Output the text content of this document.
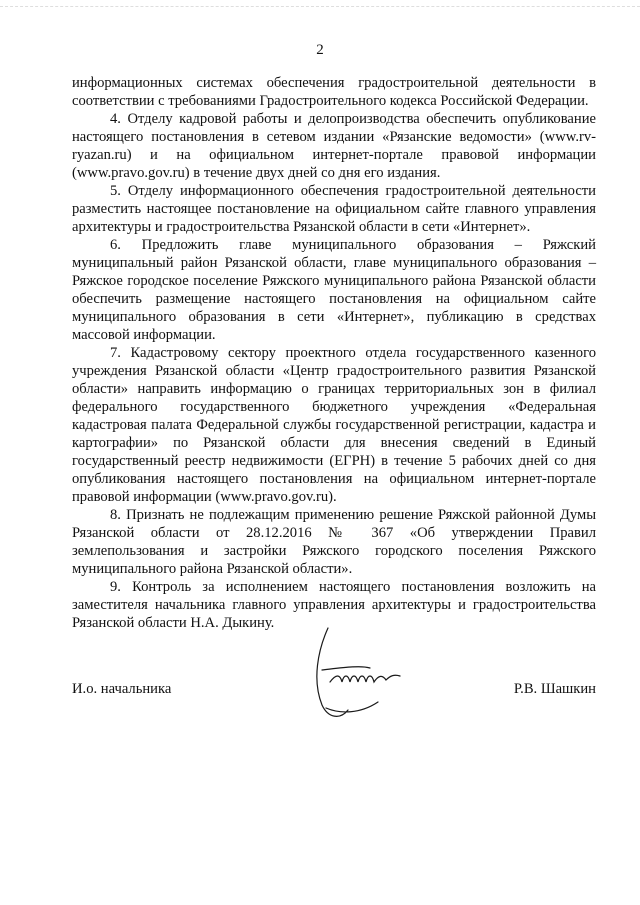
2

информационных системах обеспечения градостроительной деятельности в соответствии с требованиями Градостроительного кодекса Российской Федерации.

4. Отделу кадровой работы и делопроизводства обеспечить опубликование настоящего постановления в сетевом издании «Рязанские ведомости» (www.rv-ryazan.ru) и на официальном интернет-портале правовой информации (www.pravo.gov.ru) в течение двух дней со дня его издания.

5. Отделу информационного обеспечения градостроительной деятельности разместить настоящее постановление на официальном сайте главного управления архитектуры и градостроительства Рязанской области в сети «Интернет».

6. Предложить главе муниципального образования – Ряжский муниципальный район Рязанской области, главе муниципального образования – Ряжское городское поселение Ряжского муниципального района Рязанской области обеспечить размещение настоящего постановления на официальном сайте муниципального образования в сети «Интернет», публикацию в средствах массовой информации.

7. Кадастровому сектору проектного отдела государственного казенного учреждения Рязанской области «Центр градостроительного развития Рязанской области» направить информацию о границах территориальных зон в филиал федерального государственного бюджетного учреждения «Федеральная кадастровая палата Федеральной службы государственной регистрации, кадастра и картографии» по Рязанской области для внесения сведений в Единый государственный реестр недвижимости (ЕГРН) в течение 5 рабочих дней со дня опубликования настоящего постановления на официальном интернет-портале правовой информации (www.pravo.gov.ru).

8. Признать не подлежащим применению решение Ряжской районной Думы Рязанской области от 28.12.2016 № 367 «Об утверждении Правил землепользования и застройки Ряжского городского поселения Ряжского муниципального района Рязанской области».

9. Контроль за исполнением настоящего постановления возложить на заместителя начальника главного управления архитектуры и градостроительства Рязанской области Н.А. Дыкину.

И.о. начальника	Р.В. Шашкин
